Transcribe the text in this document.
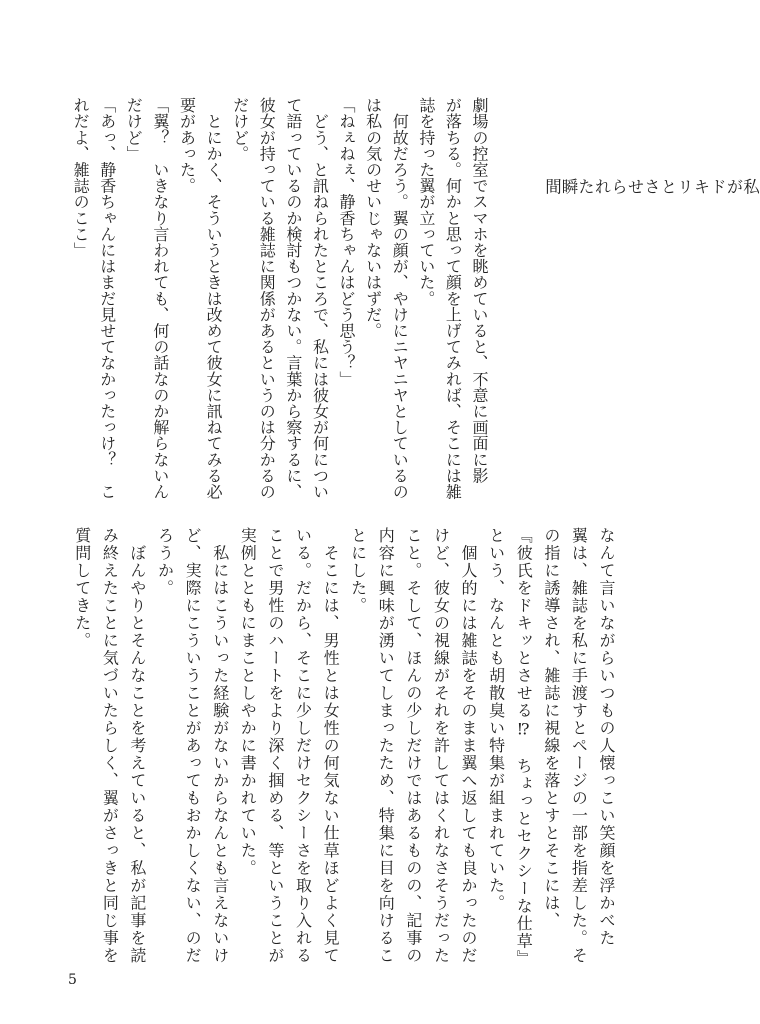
私がドキリとさせられた瞬間
劇場の控室でスマホを眺めていると、不意に画面に影
が落ちる。何かと思って顔を上げてみれば、そこには雑
誌を持った翼が立っていた。
　何故だろう。翼の顔が、やけにニヤニヤとしているの
は私の気のせいじゃないはずだ。
「ねぇねぇ、静香ちゃんはどう思う？」
　どう、と訊ねられたところで、私には彼女が何につい
て語っているのか検討もつかない。言葉から察するに、
彼女が持っている雑誌に関係があるというのは分かるの
だけど。
　とにかく、そういうときは改めて彼女に訊ねてみる必
要があった。
「翼？　いきなり言われても、何の話なのか解らないん
だけど」
「あっ、静香ちゃんにはまだ見せてなかったっけ？　こ
れだよ、雑誌のここ」
なんて言いながらいつもの人懐っこい笑顔を浮かべた
翼は、雑誌を私に手渡すとページの一部を指差した。そ
の指に誘導され、雑誌に視線を落とすとそこには、
『彼氏をドキッとさせる⁉　ちょっとセクシーな仕草』
という、なんとも胡散臭い特集が組まれていた。
　個人的には雑誌をそのまま翼へ返しても良かったのだ
けど、彼女の視線がそれを許してはくれなさそうだった
こと。そして、ほんの少しだけではあるものの、記事の
内容に興味が湧いてしまったため、特集に目を向けるこ
とにした。
　そこには、男性とは女性の何気ない仕草ほどよく見て
いる。だから、そこに少しだけセクシーさを取り入れる
ことで男性のハートをより深く掴める、等ということが
実例とともにまことしやかに書かれていた。
　私にはこういった経験がないからなんとも言えないけ
ど、実際にこういうことがあってもおかしくない、のだ
ろうか。
　ぼんやりとそんなことを考えていると、私が記事を読
み終えたことに気づいたらしく、翼がさっきと同じ事を
質問してきた。
5
